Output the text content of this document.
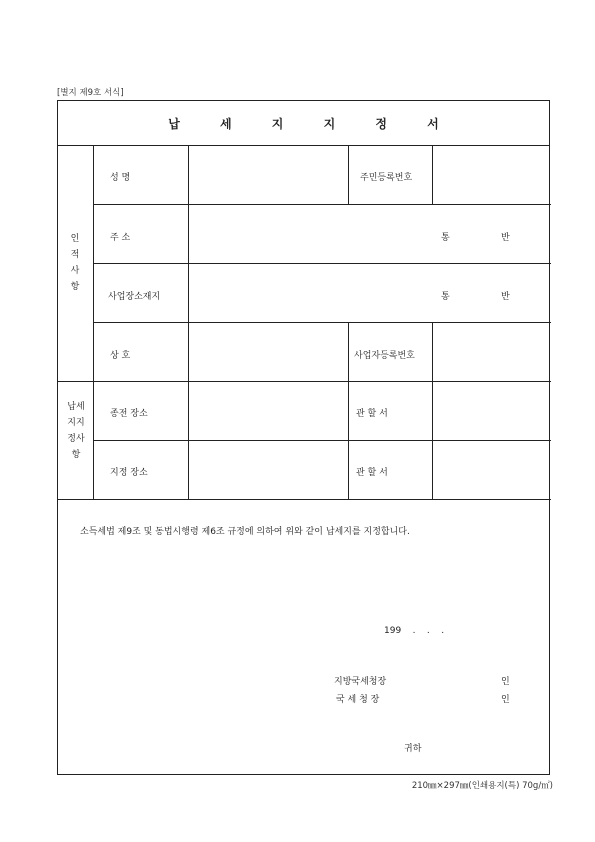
[별지 제9호 서식]
납 세 지 지 정 서
인적사항
납세지지정사항
성 명	주민등록번호
주 소	통	반
사업장소재지	통	반
상 호	사업자등록번호
종전 장소	관 할 서
지정 장소	관 할 서
소득세법 제9조 및 동법시행령 제6조 규정에 의하여 위와 같이 납세지를 지정합니다.
199    .    .    .
지방국세청장	인
국 세 청 장	인
귀하
210㎜×297㎜(인쇄용지(특) 70g/㎡)
